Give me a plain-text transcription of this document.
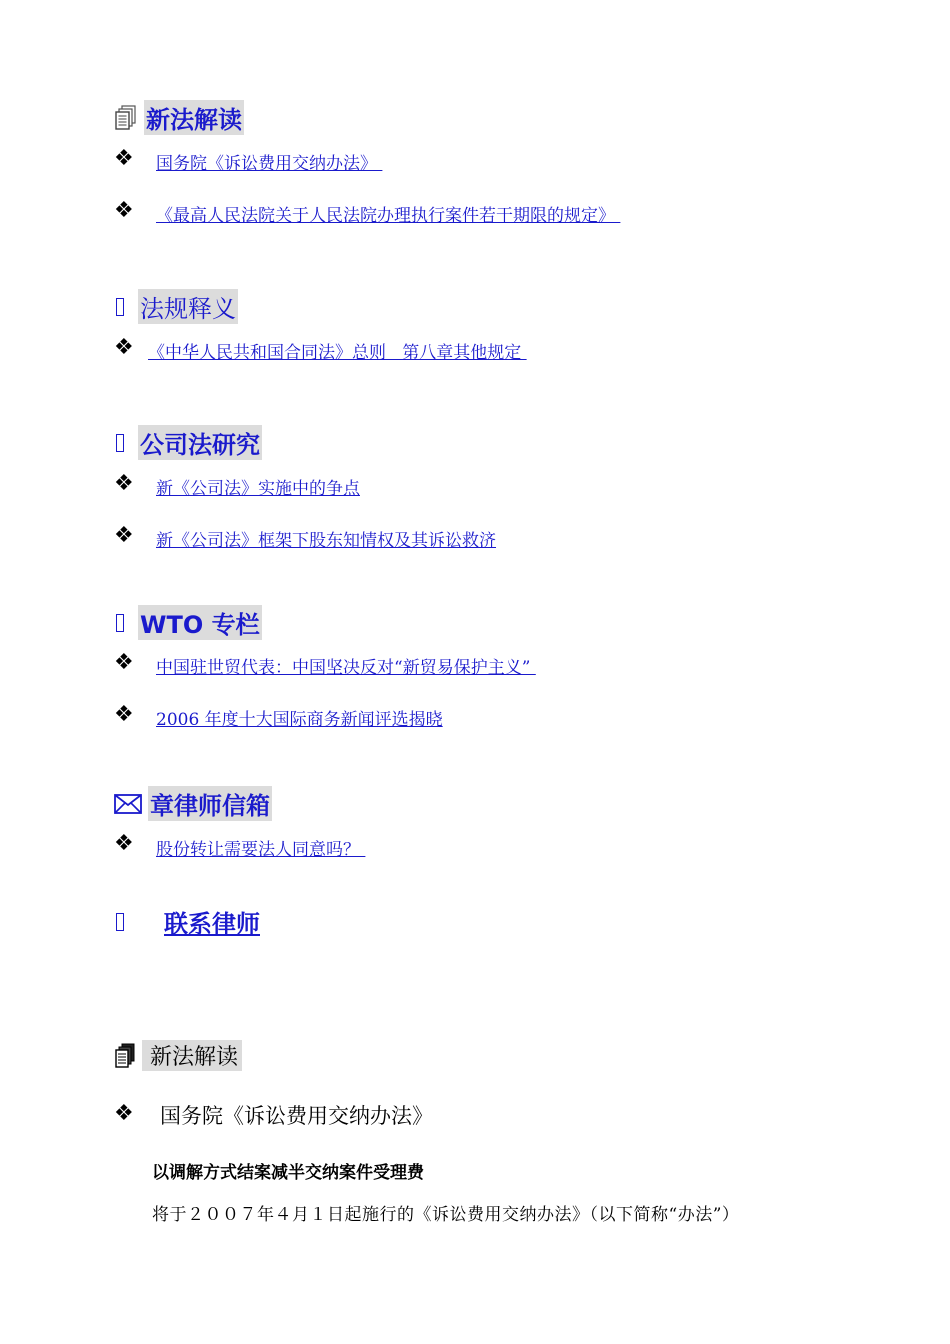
新法解读
❖ 国务院《诉讼费用交纳办法》
❖ 《最高人民法院关于人民法院办理执行案件若干期限的规定》
法规释义
❖ 《中华人民共和国合同法》总则   第八章其他规定
公司法研究
❖ 新《公司法》实施中的争点
❖ 新《公司法》框架下股东知情权及其诉讼救济
WTO 专栏
❖ 中国驻世贸代表：中国坚决反对“新贸易保护主义”
❖ 2006 年度十大国际商务新闻评选揭晓
章律师信箱
❖ 股份转让需要法人同意吗？
联系律师
新法解读
❖ 国务院《诉讼费用交纳办法》
以调解方式结案减半交纳案件受理费
将于２００７年４月１日起施行的《诉讼费用交纳办法》（以下简称“办法”）
